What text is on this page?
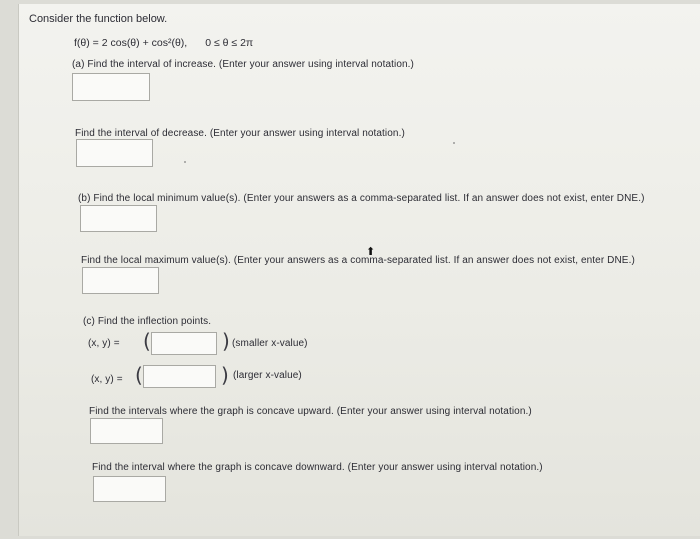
Consider the function below.
f(θ) = 2 cos(θ) + cos²(θ), 0 ≤ θ ≤ 2π
(a) Find the interval of increase. (Enter your answer using interval notation.)
Find the interval of decrease. (Enter your answer using interval notation.)
(b) Find the local minimum value(s). (Enter your answers as a comma-separated list. If an answer does not exist, enter DNE.)
Find the local maximum value(s). (Enter your answers as a comma-separated list. If an answer does not exist, enter DNE.)
⬆
(c) Find the inflection points.
(x, y) = (	) (smaller x-value)
(x, y) = (	) (larger x-value)
Find the intervals where the graph is concave upward. (Enter your answer using interval notation.)
Find the interval where the graph is concave downward. (Enter your answer using interval notation.)
